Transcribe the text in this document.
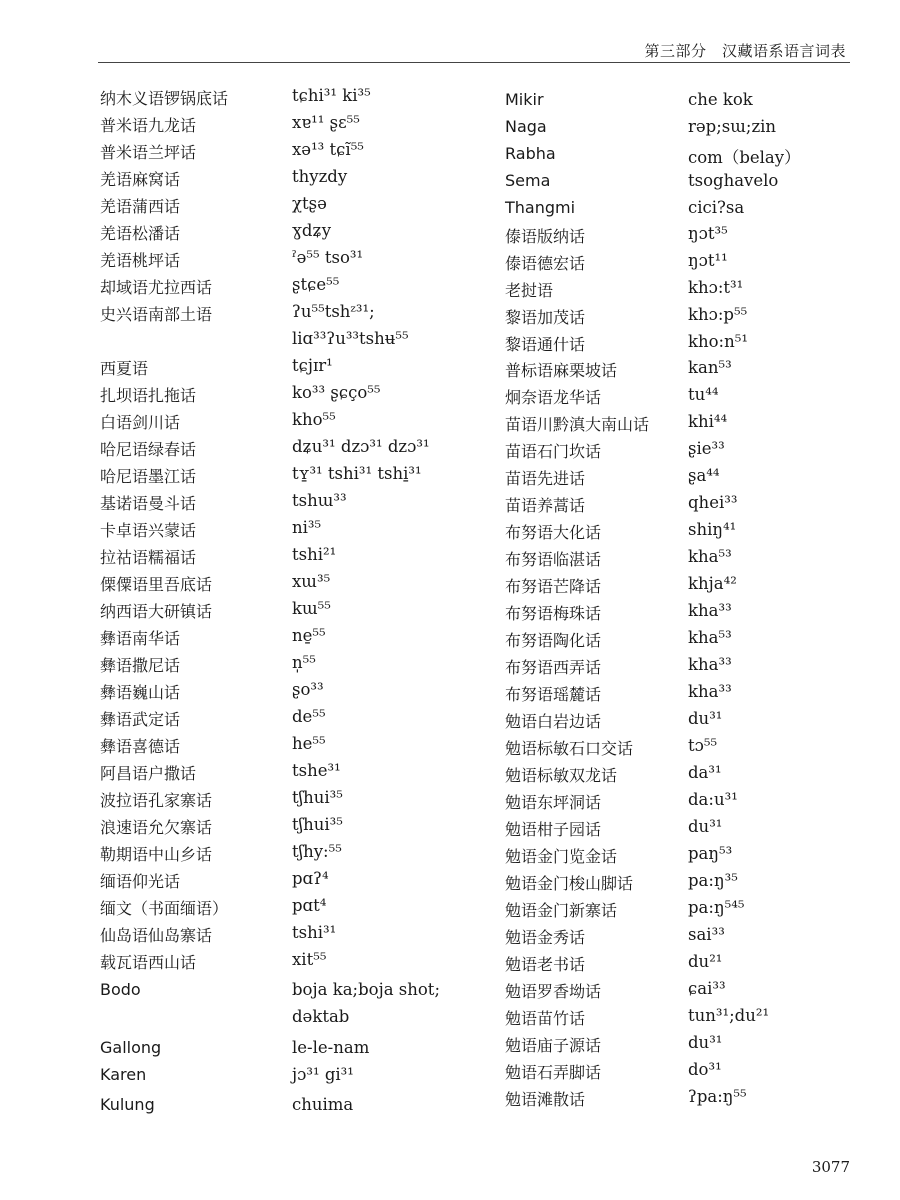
第三部分　汉藏语系语言词表
纳木义语锣锅底话	tɕhi³¹ ki³⁵
普米语九龙话	xɐ¹¹ ʂɛ⁵⁵
普米语兰坪话	xə¹³ tɕĩ⁵⁵
羌语麻窝话	thyzdy
羌语蒲西话	χtʂə
羌语松潘话	ɣdʑy
羌语桃坪话	ˀə⁵⁵ tso³¹
却域语尤拉西话	ʂtɕe⁵⁵
史兴语南部土语	ʔu⁵⁵tshᶻ³¹;
liɑ³³ʔu³³tshʉ⁵⁵
西夏语	tɕjɪr¹
扎坝语扎拖话	ko³³ ʂɕço⁵⁵
白语剑川话	kho⁵⁵
哈尼语绿春话	dʑu³¹ dzɔ³¹ dzɔ³¹
哈尼语墨江话	tʏ̱³¹ tshi³¹ tshi̱³¹
基诺语曼斗话	tshɯ³³
卡卓语兴蒙话	ni³⁵
拉祜语糯福话	tshi²¹
傈僳语里吾底话	xɯ³⁵
纳西语大研镇话	kɯ⁵⁵
彝语南华话	ne̱⁵⁵
彝语撒尼话	n̩⁵⁵
彝语巍山话	ʂo³³
彝语武定话	de⁵⁵
彝语喜德话	he⁵⁵
阿昌语户撒话	tshe³¹
波拉语孔家寨话	tʃhui³⁵
浪速语允欠寨话	tʃhui³⁵
勒期语中山乡话	tʃhy:⁵⁵
缅语仰光话	pɑʔ⁴
缅文（书面缅语）	pɑt⁴
仙岛语仙岛寨话	tshi³¹
载瓦语西山话	xit⁵⁵
Bodo	boja ka;boja shot;
dəktab
Gallong	le-le-nam
Karen	jɔ³¹ gi³¹
Kulung	chuima
Mikir	che kok
Naga	rəp;sɯ;zin
Rabha	com（belay）
Sema	tsoghavelo
Thangmi	cici?sa
傣语版纳话	ŋɔt³⁵
傣语德宏话	ŋɔt¹¹
老挝语	khɔ:t³¹
黎语加茂话	khɔ:p⁵⁵
黎语通什话	kho:n⁵¹
普标语麻栗坡话	kan⁵³
炯奈语龙华话	tu⁴⁴
苗语川黔滇大南山话 khi⁴⁴
苗语石门坎话	ʂie³³
苗语先进话	ʂa⁴⁴
苗语养蒿话	qhei³³
布努语大化话	shiŋ⁴¹
布努语临湛话	kha⁵³
布努语芒降话	khja⁴²
布努语梅珠话	kha³³
布努语陶化话	kha⁵³
布努语西弄话	kha³³
布努语瑶麓话	kha³³
勉语白岩边话	du³¹
勉语标敏石口交话	tɔ⁵⁵
勉语标敏双龙话	da³¹
勉语东坪洞话	da:u³¹
勉语柑子园话	du³¹
勉语金门览金话	paŋ⁵³
勉语金门梭山脚话	pa:ŋ³⁵
勉语金门新寨话	pa:ŋ⁵⁴⁵
勉语金秀话	sai³³
勉语老书话	du²¹
勉语罗香坳话	ɕai³³
勉语苗竹话	tun³¹;du²¹
勉语庙子源话	du³¹
勉语石弄脚话	do³¹
勉语滩散话	ʔpa:ŋ⁵⁵
3077
